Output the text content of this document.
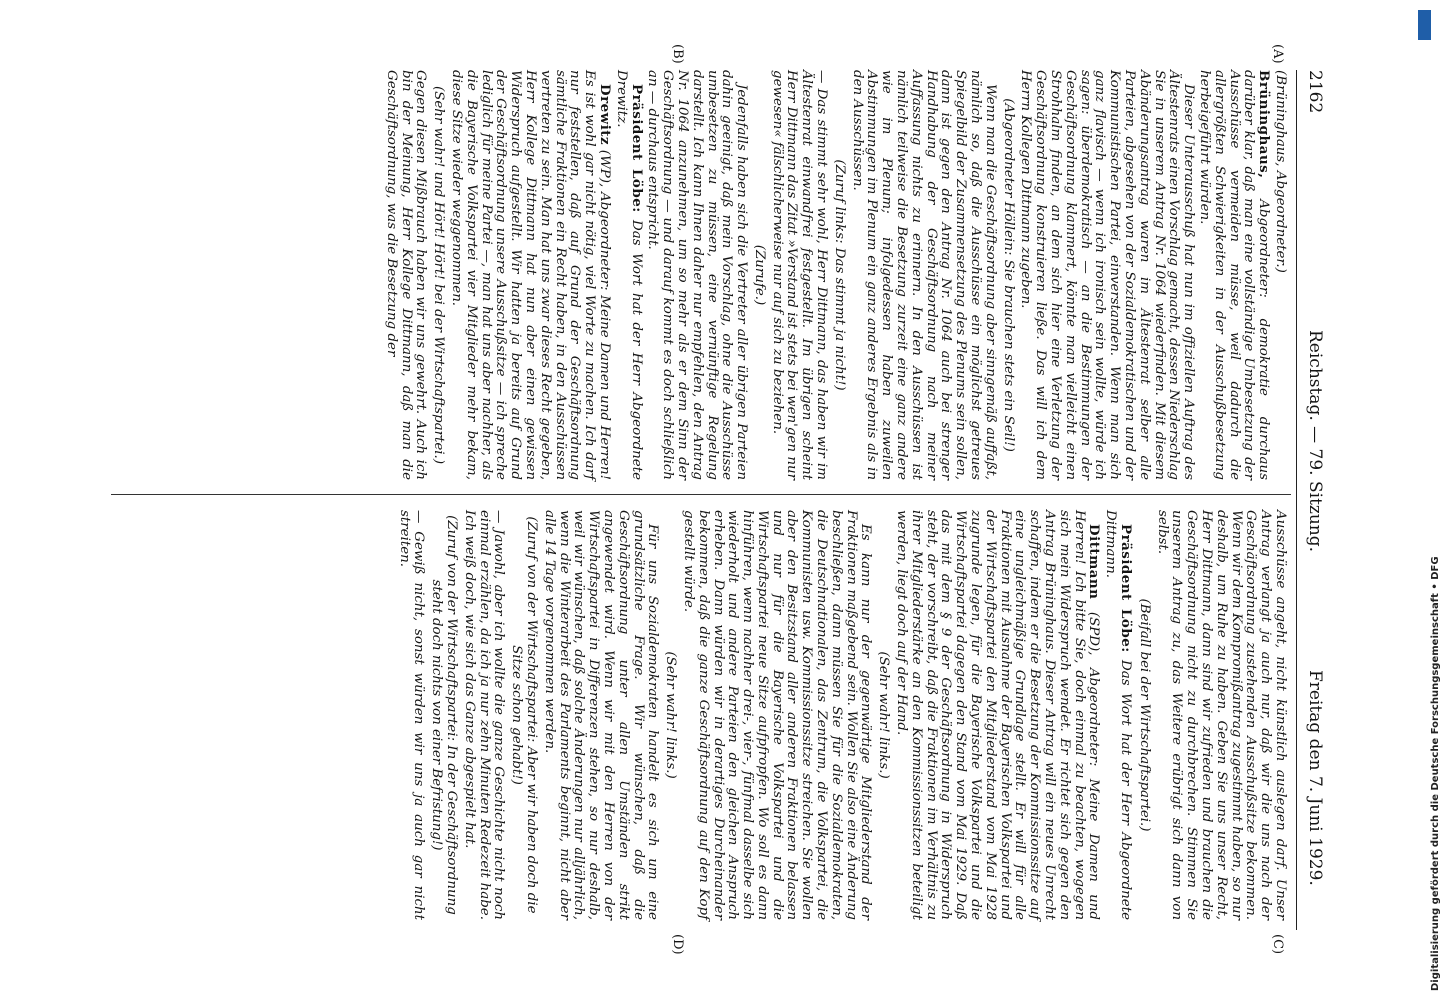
2162
Reichstag. — 79. Sitzung.
Freitag den 7. Juni 1929.
(A)
(B)
(C)
(D)

(Brüninghaus, Abgeordneter.)

Brüninghaus, Abgeordneter: demokratie durchaus darüber klar, daß man eine vollständige Umbesetzung der Ausschüsse vermeiden müsse, weil dadurch die allergrößten Schwierigkeiten in der Ausschußbesetzung herbeigeführt würden.

Dieser Unterausschuß hat nun im offiziellen Auftrag des Ältestenrats einen Vorschlag gemacht, dessen Niederschlag Sie in unserem Antrag Nr. 1064 wiederfinden. Mit diesem Abänderungsantrag waren im Ältestenrat selber alle Parteien, abgesehen von der Sozialdemokratischen und der Kommunistischen Partei, einverstanden. Wenn man sich ganz flavisch — wenn ich ironisch sein wollte, würde ich sagen: überdemokratisch — an die Bestimmungen der Geschäftsordnung klammert, könnte man vielleicht einen Strohhalm finden, an dem sich hier eine Verletzung der Geschäftsordnung konstruieren ließe. Das will ich dem Herrn Kollegen Dittmann zugeben.

(Abgeordneter Höllein: Sie brauchen stets ein Seil!)

Wenn man die Geschäftsordnung aber sinngemäß auffaßt, nämlich so, daß die Ausschüsse ein möglichst getreues Spiegelbild der Zusammensetzung des Plenums sein sollen, dann ist gegen den Antrag Nr. 1064 auch bei strenger Handhabung der Geschäftsordnung nach meiner Auffassung nichts zu erinnern. In den Ausschüssen ist nämlich teilweise die Besetzung zurzeit eine ganz andere wie im Plenum; infolgedessen haben zuweilen Abstimmungen im Plenum ein ganz anderes Ergebnis als in den Ausschüssen.

(Zuruf links: Das stimmt ja nicht!)

— Das stimmt sehr wohl, Herr Dittmann, das haben wir im Ältestenrat einwandfrei festgestellt. Im übrigen scheint Herr Dittmann das Zitat »Verstand ist stets bei wen'gen nur gewesen« fälschlicherweise nur auf sich zu beziehen.

(Zurufe.)

Jedenfalls haben sich die Vertreter aller übrigen Parteien dahin geeinigt, daß mein Vorschlag, ohne die Ausschüsse umbesetzen zu müssen, eine vernünftige Regelung darstellt. Ich kann Ihnen daher nur empfehlen, den Antrag Nr. 1064 anzunehmen, um so mehr als er dem Sinn der Geschäftsordnung — und darauf kommt es doch schließlich an — durchaus entspricht.

Präsident Löbe: Das Wort hat der Herr Abgeordnete Drewitz.

Drewitz (WP), Abgeordneter: Meine Damen und Herren! Es ist wohl gar nicht nötig, viel Worte zu machen. Ich darf nur feststellen, daß auf Grund der Geschäftsordnung sämtliche Fraktionen ein Recht haben, in den Ausschüssen vertreten zu sein. Man hat uns zwar dieses Recht gegeben, Herr Kollege Dittmann hat nun aber einen gewissen Widerspruch aufgestellt. Wir hatten ja bereits auf Grund der Geschäftsordnung unsere Ausschußsitze — ich spreche lediglich für meine Partei —, man hat uns aber nachher, als die Bayerische Volkspartei vier Mitglieder mehr bekam, diese Sitze wieder weggenommen.

(Sehr wahr! und Hört! Hört! bei der Wirtschaftspartei.)

Gegen diesen Mißbrauch haben wir uns gewehrt. Auch ich bin der Meinung, Herr Kollege Dittmann, daß man die Geschäftsordnung, was die Besetzung der

Ausschüsse angeht, nicht künstlich auslegen darf. Unser Antrag verlangt ja auch nur, daß wir die uns nach der Geschäftsordnung zustehenden Ausschußsitze bekommen. Wenn wir dem Kompromißantrag zugestimmt haben, so nur deshalb, um Ruhe zu haben. Geben Sie uns unser Recht, Herr Dittmann, dann sind wir zufrieden und brauchen die Geschäftsordnung nicht zu durchbrechen. Stimmen Sie unserem Antrag zu, das Weitere erübrigt sich dann von selbst.

(Beifall bei der Wirtschaftspartei.)

Präsident Löbe: Das Wort hat der Herr Abgeordnete Dittmann.

Dittmann (SPD), Abgeordneter: Meine Damen und Herren! Ich bitte Sie, doch einmal zu beachten, wogegen sich mein Widerspruch wendet. Er richtet sich gegen den Antrag Brüninghaus. Dieser Antrag will ein neues Unrecht schaffen, indem er die Besetzung der Kommissionssitze auf eine ungleichmäßige Grundlage stellt. Er will für alle Fraktionen mit Ausnahme der Bayerischen Volkspartei und der Wirtschaftspartei den Mitgliederstand vom Mai 1928 zugrunde legen, für die Bayerische Volkspartei und die Wirtschaftspartei dagegen den Stand vom Mai 1929. Daß das mit dem § 9 der Geschäftsordnung in Widerspruch steht, der vorschreibt, daß die Fraktionen im Verhältnis zu ihrer Mitgliederstärke an den Kommissionssitzen beteiligt werden, liegt doch auf der Hand.

(Sehr wahr! links.)

Es kann nur der gegenwärtige Mitgliederstand der Fraktionen maßgebend sein. Wollen Sie also eine Änderung beschließen, dann müssen Sie für die Sozialdemokraten, die Deutschnationalen, das Zentrum, die Volkspartei, die Kommunisten usw. Kommissionssitze streichen. Sie wollen aber den Besitzstand aller anderen Fraktionen belassen und nur für die Bayerische Volkspartei und die Wirtschaftspartei neue Sitze aufpfropfen. Wo soll es dann hinführen, wenn nachher drei-, vier-, fünfmal dasselbe sich wiederholt und andere Parteien den gleichen Anspruch erheben. Dann würden wir in derartiges Durcheinander bekommen, daß die ganze Geschäftsordnung auf den Kopf gestellt würde.

(Sehr wahr! links.)

Für uns Sozialdemokraten handelt es sich um eine grundsätzliche Frage. Wir wünschen, daß die Geschäftsordnung unter allen Umständen strikt angewendet wird. Wenn wir mit den Herren von der Wirtschaftspartei in Differenzen stehen, so nur deshalb, weil wir wünschen, daß solche Änderungen nur alljährlich, wenn die Winterarbeit des Parlaments beginnt, nicht aber alle 14 Tage vorgenommen werden.

(Zuruf von der Wirtschaftspartei: Aber wir haben doch die Sitze schon gehabt!)

— Jawohl, aber ich wollte die ganze Geschichte nicht noch einmal erzählen, da ich ja nur zehn Minuten Redezeit habe. Ich weiß doch, wie sich das Ganze abgespielt hat.

(Zuruf von der Wirtschaftspartei: In der Geschäftsordnung steht doch nichts von einer Befristung!)

— Gewiß nicht, sonst würden wir uns ja auch gar nicht streiten.

Digitalisierung gefördert durch die Deutsche Forschungsgemeinschaft • DFG
